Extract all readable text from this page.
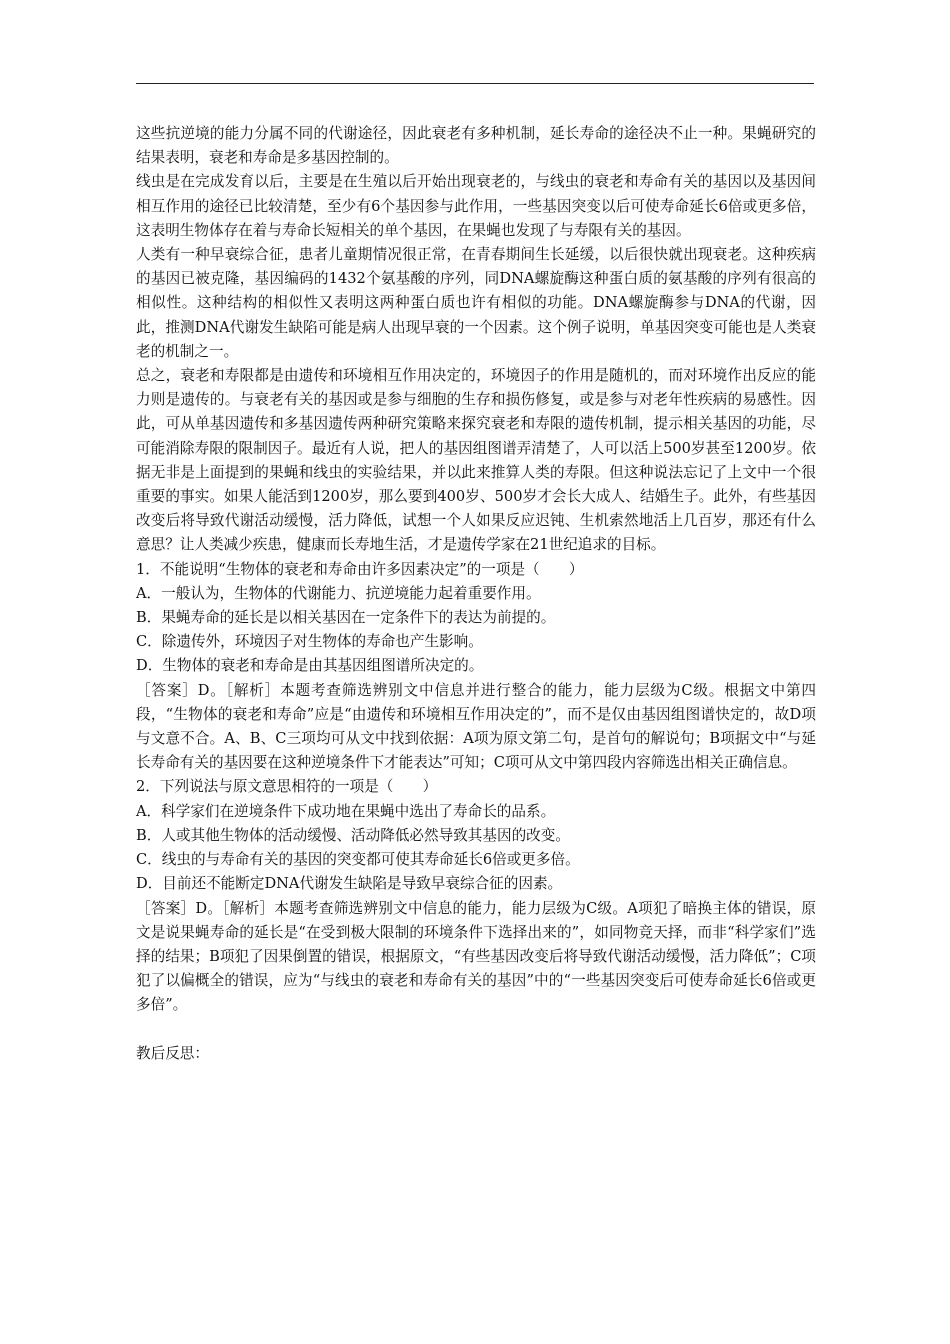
这些抗逆境的能力分属不同的代谢途径，因此衰老有多种机制，延长寿命的途径决不止一种。果蝇研究的结果表明，衰老和寿命是多基因控制的。

线虫是在完成发育以后，主要是在生殖以后开始出现衰老的，与线虫的衰老和寿命有关的基因以及基因间相互作用的途径已比较清楚，至少有6个基因参与此作用，一些基因突变以后可使寿命延长6倍或更多倍，这表明生物体存在着与寿命长短相关的单个基因，在果蝇也发现了与寿限有关的基因。

人类有一种早衰综合征，患者儿童期情况很正常，在青春期间生长延缓，以后很快就出现衰老。这种疾病的基因已被克隆，基因编码的1432个氨基酸的序列，同DNA螺旋酶这种蛋白质的氨基酸的序列有很高的相似性。这种结构的相似性又表明这两种蛋白质也许有相似的功能。DNA螺旋酶参与DNA的代谢，因此，推测DNA代谢发生缺陷可能是病人出现早衰的一个因素。这个例子说明，单基因突变可能也是人类衰老的机制之一。

总之，衰老和寿限都是由遗传和环境相互作用决定的，环境因子的作用是随机的，而对环境作出反应的能力则是遗传的。与衰老有关的基因或是参与细胞的生存和损伤修复，或是参与对老年性疾病的易感性。因此，可从单基因遗传和多基因遗传两种研究策略来探究衰老和寿限的遗传机制，提示相关基因的功能，尽可能消除寿限的限制因子。最近有人说，把人的基因组图谱弄清楚了，人可以活上500岁甚至1200岁。依据无非是上面提到的果蝇和线虫的实验结果，并以此来推算人类的寿限。但这种说法忘记了上文中一个很重要的事实。如果人能活到1200岁，那么要到400岁、500岁才会长大成人、结婚生子。此外，有些基因改变后将导致代谢活动缓慢，活力降低，试想一个人如果反应迟钝、生机索然地活上几百岁，那还有什么意思？让人类减少疾患，健康而长寿地生活，才是遗传学家在21世纪追求的目标。

1．不能说明“生物体的衰老和寿命由许多因素决定”的一项是（　　）

A．一般认为，生物体的代谢能力、抗逆境能力起着重要作用。

B．果蝇寿命的延长是以相关基因在一定条件下的表达为前提的。

C．除遗传外，环境因子对生物体的寿命也产生影响。

D．生物体的衰老和寿命是由其基因组图谱所决定的。

［答案］D。［解析］本题考查筛选辨别文中信息并进行整合的能力，能力层级为C级。根据文中第四段，“生物体的衰老和寿命”应是“由遗传和环境相互作用决定的”，而不是仅由基因组图谱快定的，故D项与文意不合。A、B、C三项均可从文中找到依据：A项为原文第二句，是首句的解说句；B项据文中“与延长寿命有关的基因要在这种逆境条件下才能表达”可知；C项可从文中第四段内容筛选出相关正确信息。

2．下列说法与原文意思相符的一项是（　　）

A．科学家们在逆境条件下成功地在果蝇中选出了寿命长的品系。

B．人或其他生物体的活动缓慢、活动降低必然导致其基因的改变。

C．线虫的与寿命有关的基因的突变都可使其寿命延长6倍或更多倍。

D．目前还不能断定DNA代谢发生缺陷是导致早衰综合征的因素。

［答案］D。［解析］本题考查筛选辨别文中信息的能力，能力层级为C级。A项犯了暗换主体的错误，原文是说果蝇寿命的延长是“在受到极大限制的环境条件下选择出来的”，如同物竞天择，而非“科学家们”选择的结果；B项犯了因果倒置的错误，根据原文，“有些基因改变后将导致代谢活动缓慢，活力降低”；C项犯了以偏概全的错误，应为“与线虫的衰老和寿命有关的基因”中的“一些基因突变后可使寿命延长6倍或更多倍”。

教后反思：
